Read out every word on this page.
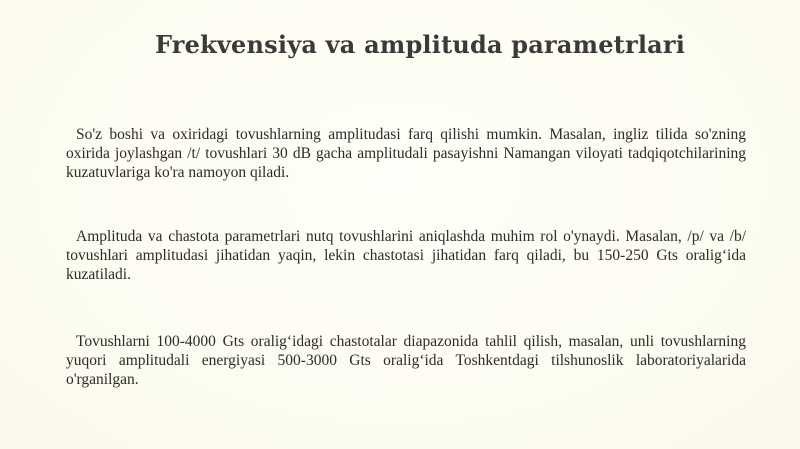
Frekvensiya va amplituda parametrlari

So'z boshi va oxiridagi tovushlarning amplitudasi farq qilishi mumkin. Masalan, ingliz tilida so'zning oxirida joylashgan /t/ tovushlari 30 dB gacha amplitudali pasayishni Namangan viloyati tadqiqotchilarining kuzatuvlariga ko'ra namoyon qiladi.

Amplituda va chastota parametrlari nutq tovushlarini aniqlashda muhim rol o'ynaydi. Masalan, /p/ va /b/ tovushlari amplitudasi jihatidan yaqin, lekin chastotasi jihatidan farq qiladi, bu 150-250 Gts oralig‘ida kuzatiladi.

Tovushlarni 100-4000 Gts oralig‘idagi chastotalar diapazonida tahlil qilish, masalan, unli tovushlarning yuqori amplitudali energiyasi 500-3000 Gts oralig‘ida Toshkentdagi tilshunoslik laboratoriyalarida o'rganilgan.
